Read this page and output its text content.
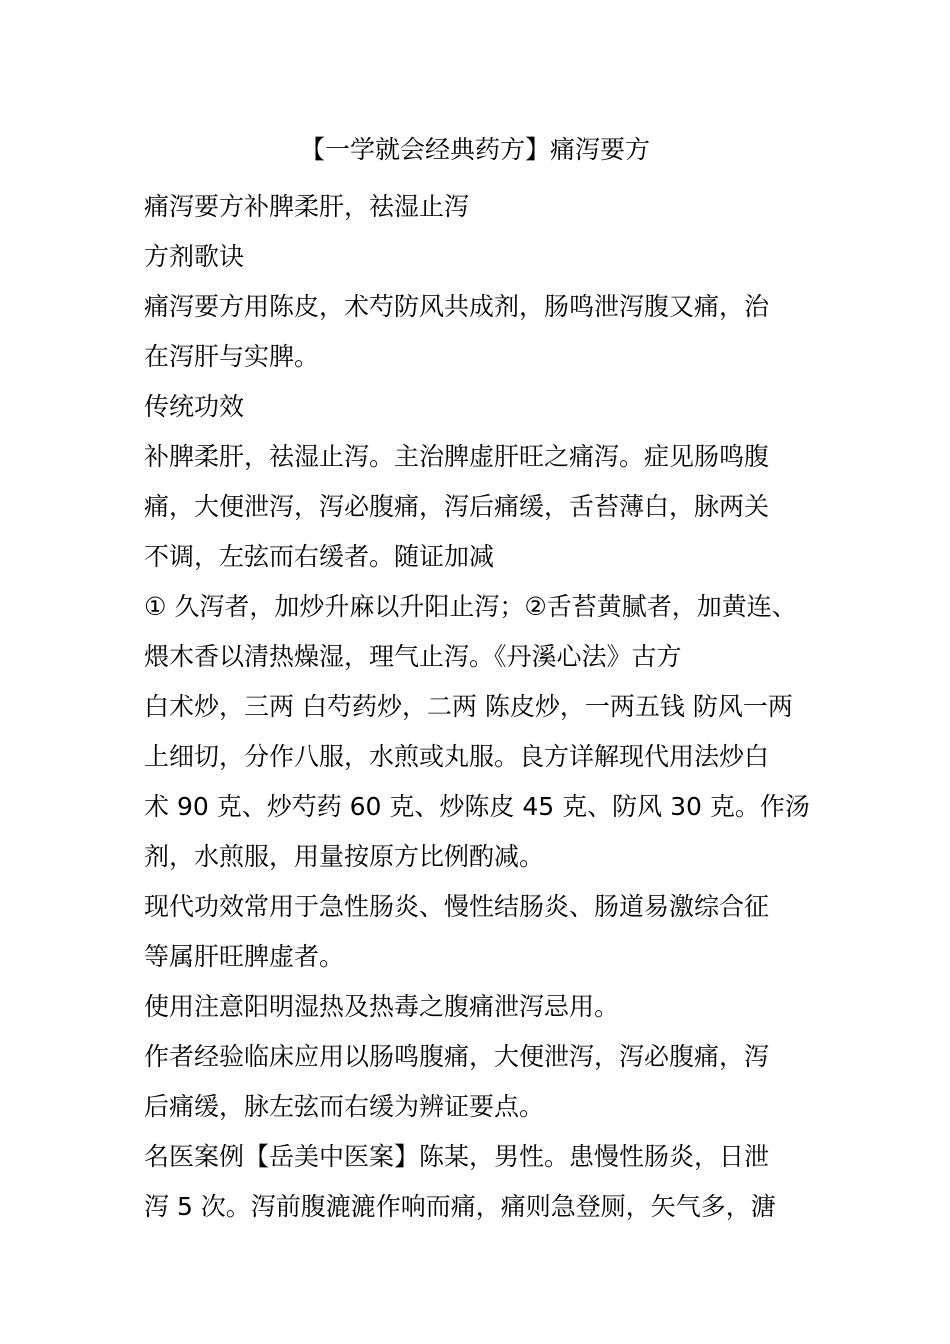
【一学就会经典药方】痛泻要方
痛泻要方补脾柔肝，祛湿止泻
方剂歌诀
痛泻要方用陈皮，术芍防风共成剂，肠鸣泄泻腹又痛，治
在泻肝与实脾。
传统功效
补脾柔肝，祛湿止泻。主治脾虚肝旺之痛泻。症见肠鸣腹
痛，大便泄泻，泻必腹痛，泻后痛缓，舌苔薄白，脉两关
不调，左弦而右缓者。随证加减
① 久泻者，加炒升麻以升阳止泻；②舌苔黄腻者，加黄连、
煨木香以清热燥湿，理气止泻。《丹溪心法》古方
白术炒，三两 白芍药炒，二两 陈皮炒，一两五钱 防风一两
上细切，分作八服，水煎或丸服。良方详解现代用法炒白
术 90 克、炒芍药 60 克、炒陈皮 45 克、防风 30 克。作汤
剂，水煎服，用量按原方比例酌减。
现代功效常用于急性肠炎、慢性结肠炎、肠道易激综合征
等属肝旺脾虚者。
使用注意阳明湿热及热毒之腹痛泄泻忌用。
作者经验临床应用以肠鸣腹痛，大便泄泻，泻必腹痛，泻
后痛缓，脉左弦而右缓为辨证要点。
名医案例【岳美中医案】陈某，男性。患慢性肠炎，日泄
泻 5 次。泻前腹漉漉作响而痛，痛则急登厕，矢气多，溏
